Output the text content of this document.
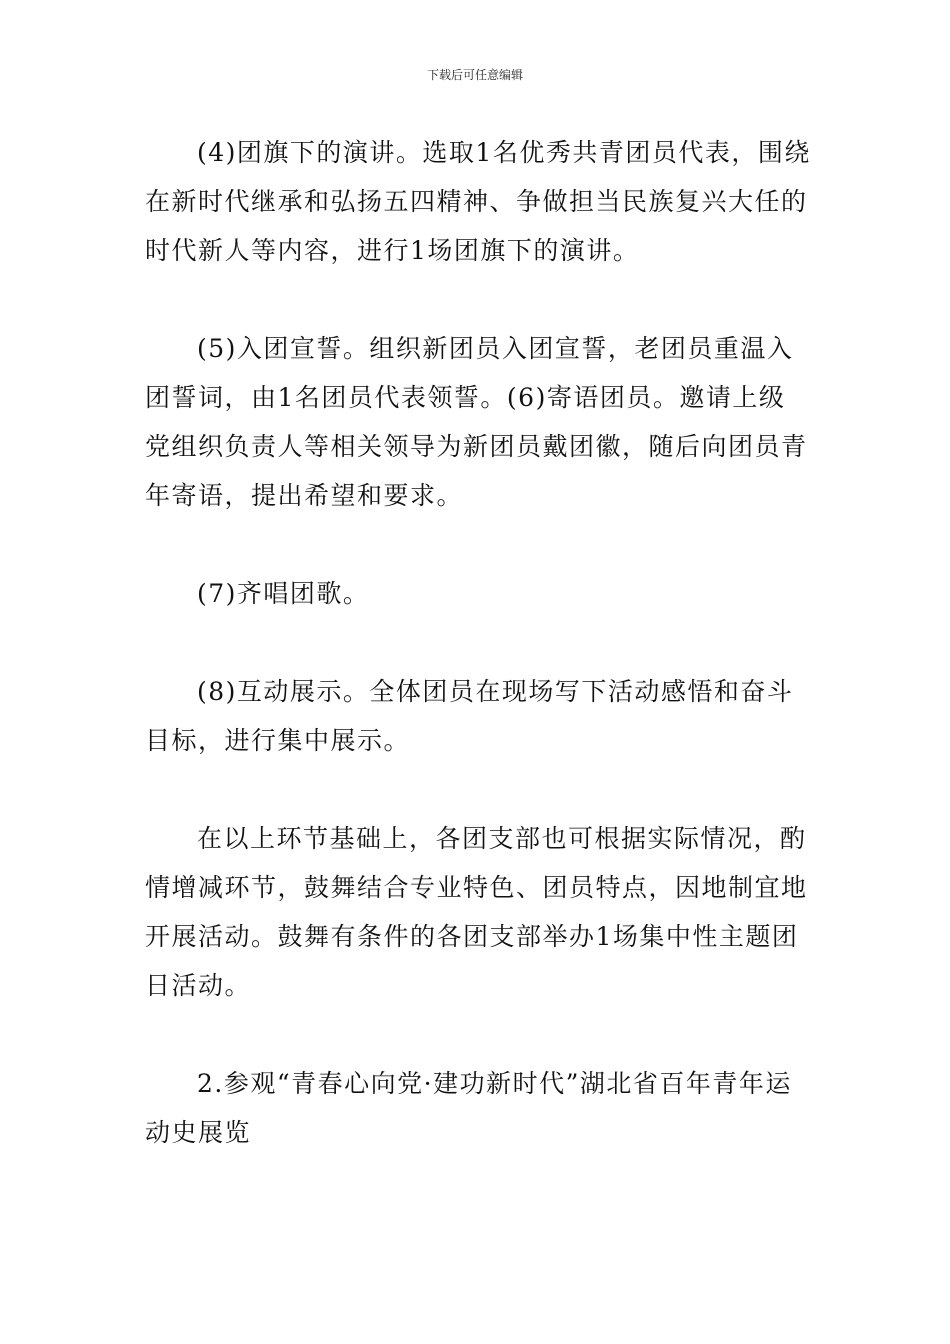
下载后可任意编辑

(4)团旗下的演讲。选取1名优秀共青团员代表，围绕在新时代继承和弘扬五四精神、争做担当民族复兴大任的时代新人等内容，进行1场团旗下的演讲。

(5)入团宣誓。组织新团员入团宣誓，老团员重温入团誓词，由1名团员代表领誓。(6)寄语团员。邀请上级党组织负责人等相关领导为新团员戴团徽，随后向团员青年寄语，提出希望和要求。

(7)齐唱团歌。

(8)互动展示。全体团员在现场写下活动感悟和奋斗目标，进行集中展示。

在以上环节基础上，各团支部也可根据实际情况，酌情增减环节，鼓舞结合专业特色、团员特点，因地制宜地开展活动。鼓舞有条件的各团支部举办1场集中性主题团日活动。

2.参观“青春心向党·建功新时代”湖北省百年青年运动史展览
